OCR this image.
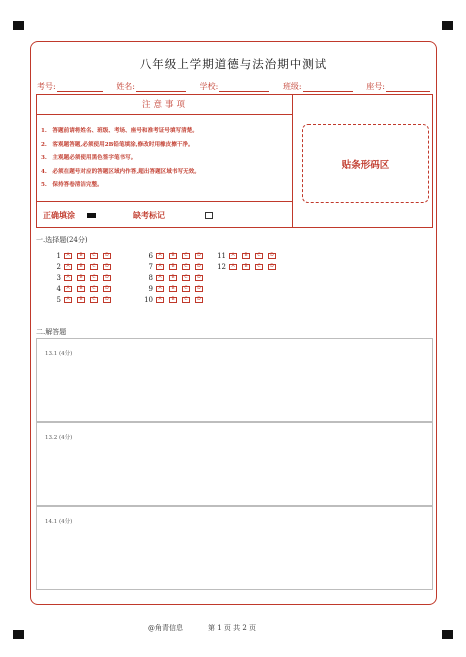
八年级上学期道德与法治期中测试
考号:	姓名:	学校:	班级:	座号:
注意事项
1.　答题前请将姓名、班级、考场、座号和准考证号填写清楚。
2.　客观题答题,必须使用2B铅笔填涂,修改时用橡皮擦干净。
3.　主观题必须使用黑色签字笔书写。
4.　必须在题号对应的答题区域内作答,超出答题区域书写无效。
5.　保持答卷清洁完整。
正确填涂	缺考标记
贴条形码区
一.选择题(24分)
1	A	B	C	D
2	A	B	C	D
3	A	B	C	D
4	A	B	C	D
5	A	B	C	D
6	A	B	C	D
7	A	B	C	D
8	A	B	C	D
9	A	B	C	D
10	A	B	C	D
11	A	B	C	D
12	A	B	C	D
二.解答题
13.1 (4分)
13.2 (4分)
14.1 (4分)
@角青信息	第 1 页 共 2 页
